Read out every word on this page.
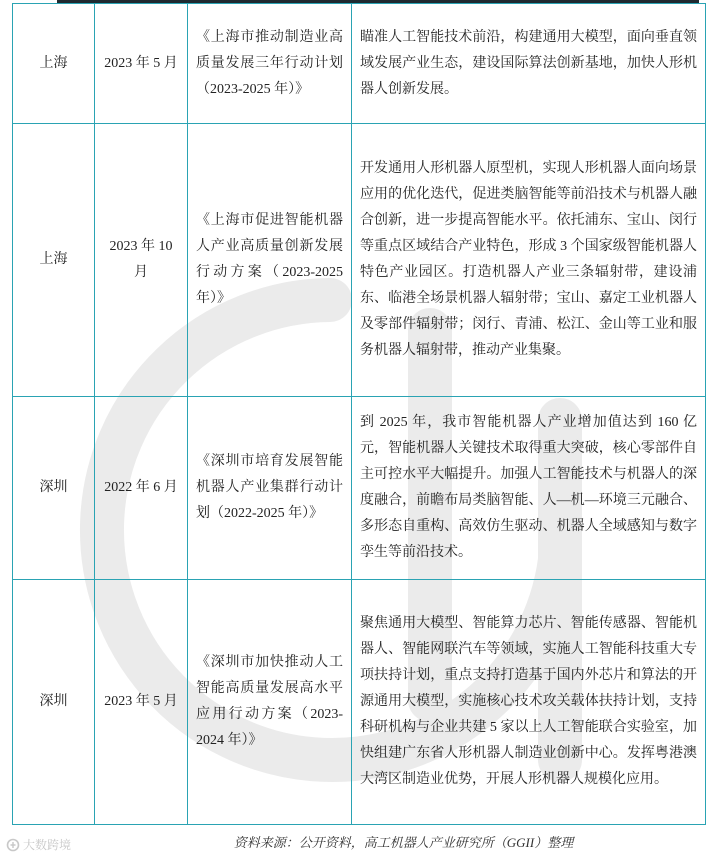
上海	2023 年 5 月	《上海市推动制造业高质量发展三年行动计划（2023-2025 年）》	瞄准人工智能技术前沿，构建通用大模型，面向垂直领域发展产业生态，建设国际算法创新基地，加快人形机器人创新发展。

上海	2023 年 10 月	《上海市促进智能机器人产业高质量创新发展行动方案（2023-2025 年）》	开发通用人形机器人原型机，实现人形机器人面向场景应用的优化迭代，促进类脑智能等前沿技术与机器人融合创新，进一步提高智能水平。依托浦东、宝山、闵行等重点区域结合产业特色，形成 3 个国家级智能机器人特色产业园区。打造机器人产业三条辐射带，建设浦东、临港全场景机器人辐射带；宝山、嘉定工业机器人及零部件辐射带；闵行、青浦、松江、金山等工业和服务机器人辐射带，推动产业集聚。

深圳	2022 年 6 月	《深圳市培育发展智能机器人产业集群行动计划（2022-2025 年）》	到 2025 年，我市智能机器人产业增加值达到 160 亿元，智能机器人关键技术取得重大突破，核心零部件自主可控水平大幅提升。加强人工智能技术与机器人的深度融合，前瞻布局类脑智能、人—机—环境三元融合、多形态自重构、高效仿生驱动、机器人全域感知与数字孪生等前沿技术。

深圳	2023 年 5 月	《深圳市加快推动人工智能高质量发展高水平应用行动方案（2023-2024 年）》	聚焦通用大模型、智能算力芯片、智能传感器、智能机器人、智能网联汽车等领域，实施人工智能科技重大专项扶持计划，重点支持打造基于国内外芯片和算法的开源通用大模型，实施核心技术攻关载体扶持计划，支持科研机构与企业共建 5 家以上人工智能联合实验室，加快组建广东省人形机器人制造业创新中心。发挥粤港澳大湾区制造业优势，开展人形机器人规模化应用。
大数跨境	资料来源：公开资料，高工机器人产业研究所（GGII）整理
